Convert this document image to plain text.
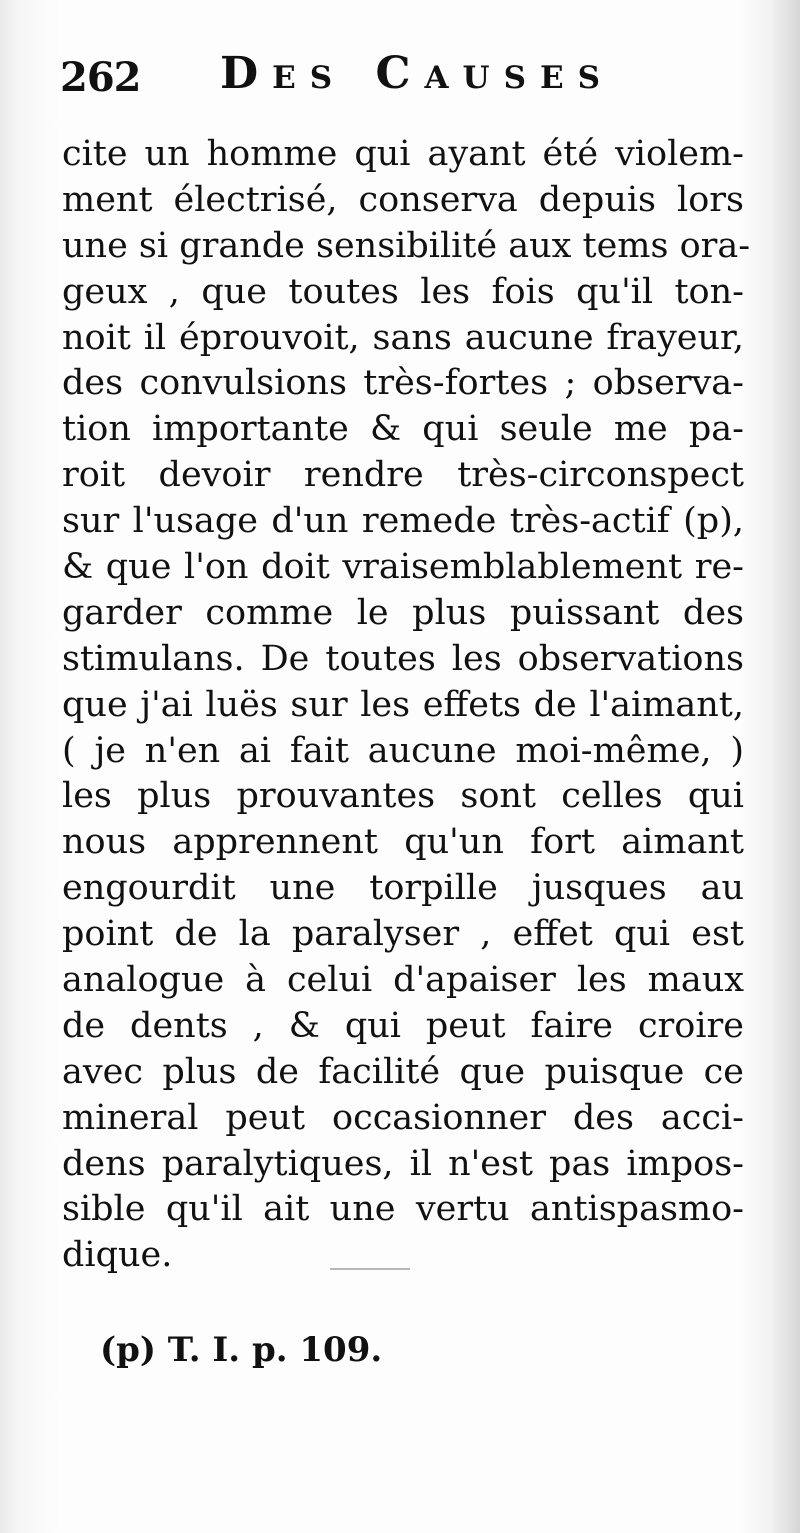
262 Des Causes
cite un homme qui ayant été violem-
ment électrisé, conserva depuis lors
une si grande sensibilité aux tems ora-
geux , que toutes les fois qu'il ton-
noit il éprouvoit, sans aucune frayeur,
des convulsions très-fortes ; observa-
tion importante & qui seule me pa-
roit devoir rendre très-circonspect
sur l'usage d'un remede très-actif (p),
& que l'on doit vraisemblablement re-
garder comme le plus puissant des
stimulans. De toutes les observations
que j'ai luës sur les effets de l'aimant,
( je n'en ai fait aucune moi-même, )
les plus prouvantes sont celles qui
nous apprennent qu'un fort aimant
engourdit une torpille jusques au
point de la paralyser , effet qui est
analogue à celui d'apaiser les maux
de dents , & qui peut faire croire
avec plus de facilité que puisque ce
mineral peut occasionner des acci-
dens paralytiques, il n'est pas impos-
sible qu'il ait une vertu antispasmo-
dique.
(p) T. I. p. 109.
